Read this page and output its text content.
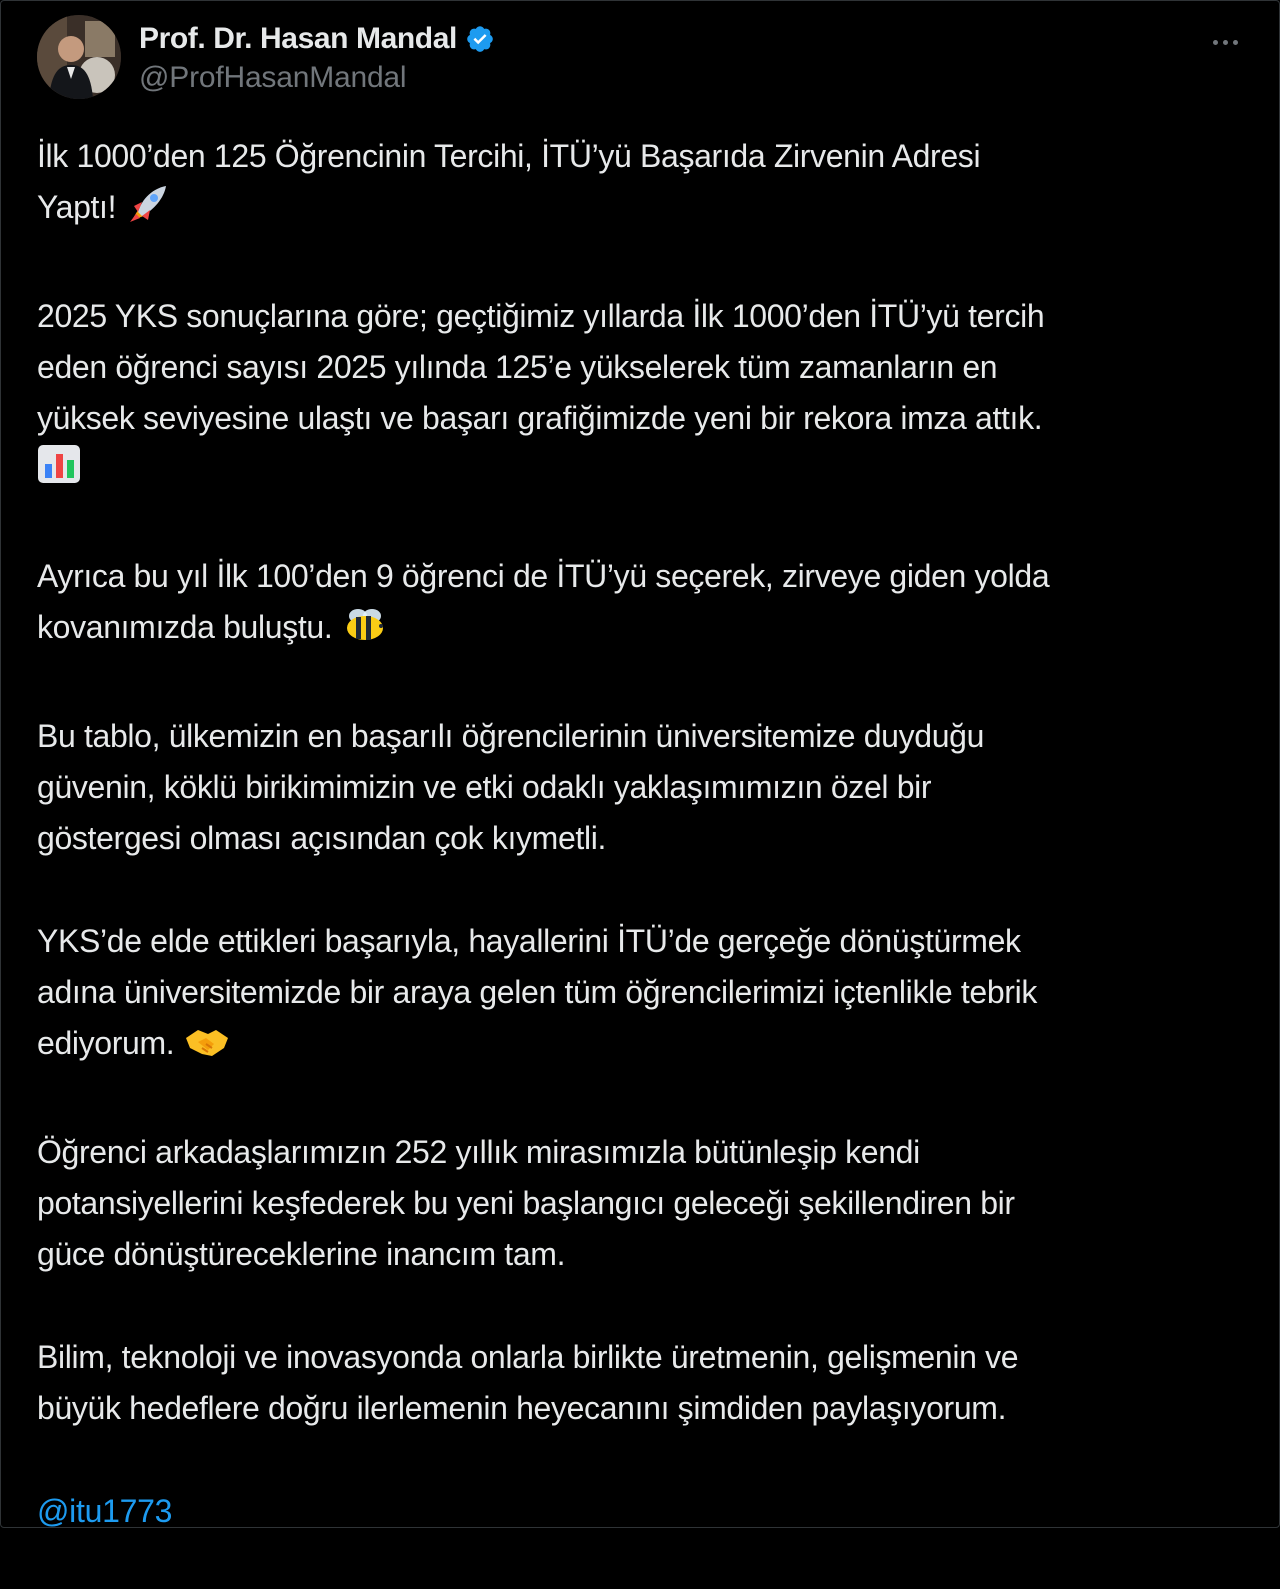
Prof. Dr. Hasan Mandal
@ProfHasanMandal
İlk 1000’den 125 Öğrencinin Tercihi, İTÜ’yü Başarıda Zirvenin Adresi
Yaptı!
2025 YKS sonuçlarına göre; geçtiğimiz yıllarda İlk 1000’den İTÜ’yü tercih
eden öğrenci sayısı 2025 yılında 125’e yükselerek tüm zamanların en
yüksek seviyesine ulaştı ve başarı grafiğimizde yeni bir rekora imza attık.

Ayrıca bu yıl İlk 100’den 9 öğrenci de İTÜ’yü seçerek, zirveye giden yolda
kovanımızda buluştu.
Bu tablo, ülkemizin en başarılı öğrencilerinin üniversitemize duyduğu
güvenin, köklü birikimimizin ve etki odaklı yaklaşımımızın özel bir
göstergesi olması açısından çok kıymetli.
YKS’de elde ettikleri başarıyla, hayallerini İTÜ’de gerçeğe dönüştürmek
adına üniversitemizde bir araya gelen tüm öğrencilerimizi içtenlikle tebrik
ediyorum.
Öğrenci arkadaşlarımızın 252 yıllık mirasımızla bütünleşip kendi
potansiyellerini keşfederek bu yeni başlangıcı geleceği şekillendiren bir
güce dönüştüreceklerine inancım tam.
Bilim, teknoloji ve inovasyonda onlarla birlikte üretmenin, gelişmenin ve
büyük hedeflere doğru ilerlemenin heyecanını şimdiden paylaşıyorum.
@itu1773
